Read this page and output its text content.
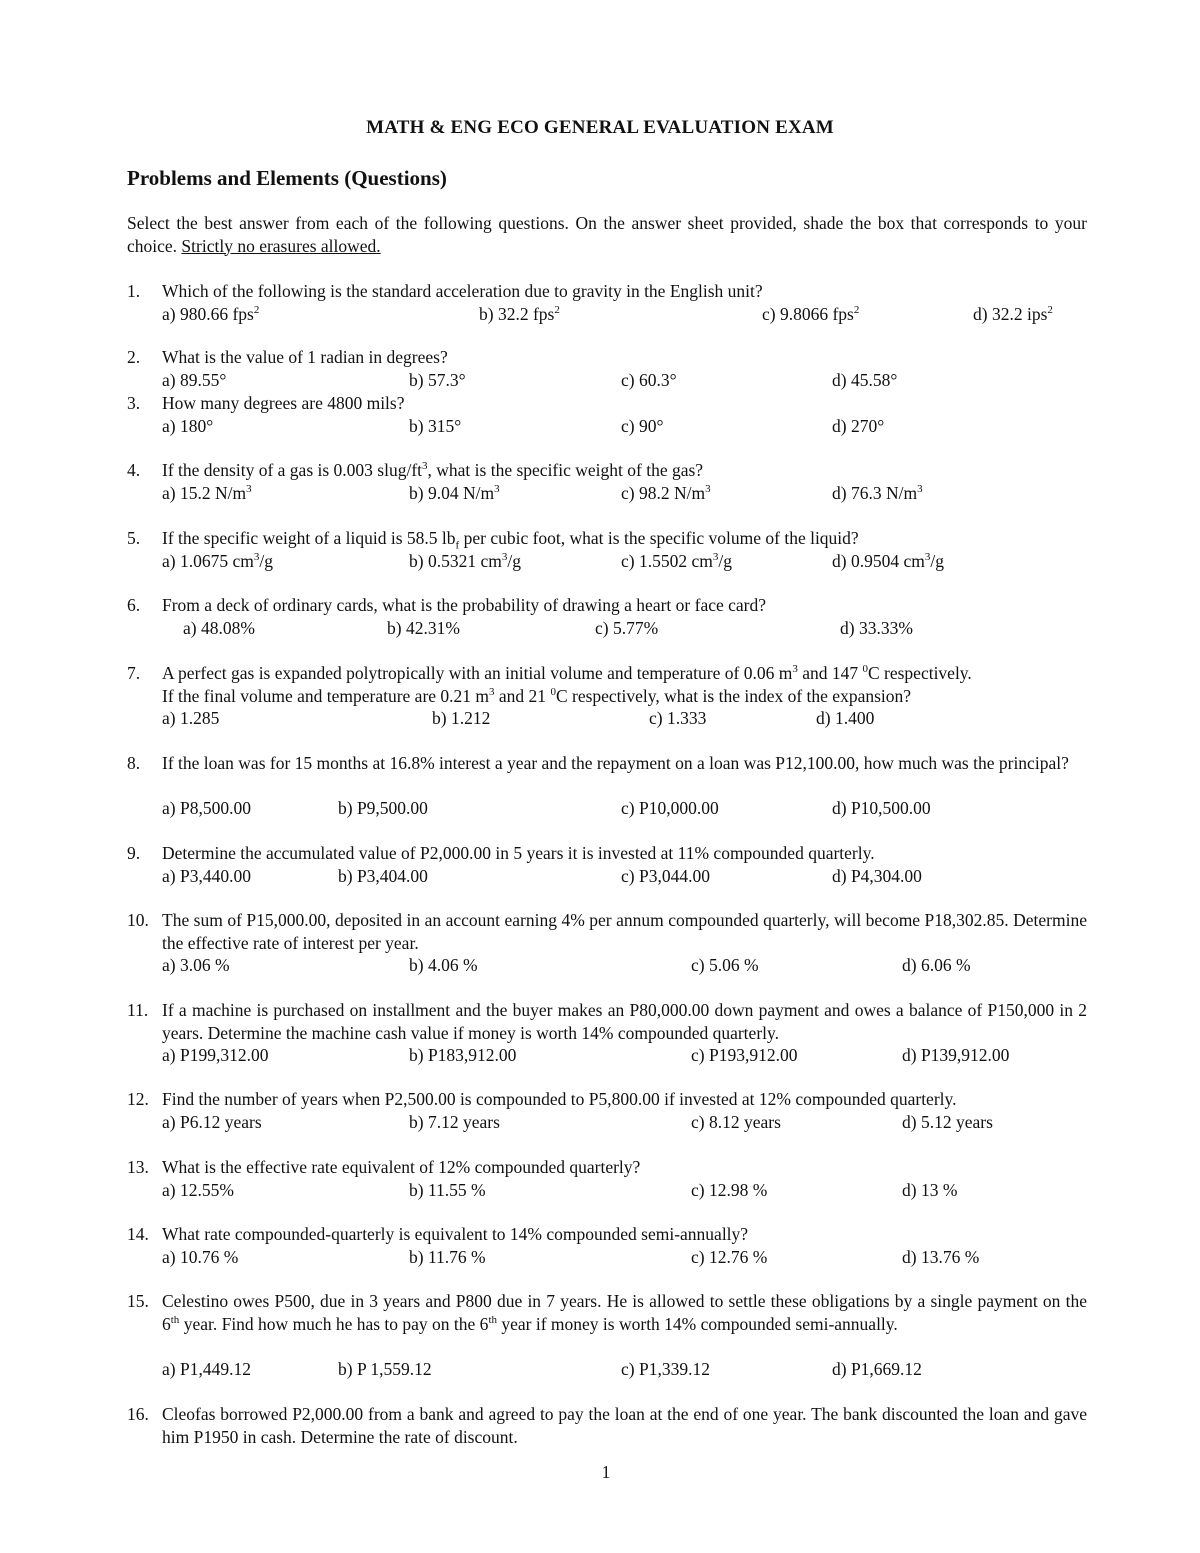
MATH & ENG ECO GENERAL EVALUATION EXAM
Problems and Elements (Questions)
Select the best answer from each of the following questions. On the answer sheet provided, shade the box that corresponds to your choice. Strictly no erasures allowed.
1. Which of the following is the standard acceleration due to gravity in the English unit?
a) 980.66 fps$^2$	b) 32.2 fps$^2$	c) 9.8066 fps$^2$	d) 32.2 ips$^2$
2. What is the value of 1 radian in degrees?
a) 89.55°	b) 57.3°	c) 60.3°	d) 45.58°
3. How many degrees are 4800 mils?
a) 180°	b) 315°	c) 90°	d) 270°
4. If the density of a gas is 0.003 slug/$ft^3$, what is the specific weight of the gas?
a) 15.2 $N/m^3$	b) 9.04 $N/m^3$	c) 98.2 $N/m^3$	d) 76.3 $N/m^3$
5. If the specific weight of a liquid is 58.5 $lb_f$ per cubic foot, what is the specific volume of the liquid?
a) 1.0675 $cm^3/g$	b) 0.5321 $cm^3/g$	c) 1.5502 $cm^3/g$	d) 0.9504 $cm^3/g$
6. From a deck of ordinary cards, what is the probability of drawing a heart or face card?
a) 48.08%	b) 42.31%	c) 5.77%	d) 33.33%
7. A perfect gas is expanded polytropically with an initial volume and temperature of 0.06 $m^3$ and 147 $^0$C respectively.
If the final volume and temperature are 0.21 $m^3$ and 21 $^0$C respectively, what is the index of the expansion?
a) 1.285	b) 1.212	c) 1.333	d) 1.400
8. If the loan was for 15 months at 16.8% interest a year and the repayment on a loan was P12,100.00, how much was the principal?
a) P8,500.00	b) P9,500.00	c) P10,000.00	d) P10,500.00
9. Determine the accumulated value of P2,000.00 in 5 years it is invested at 11% compounded quarterly.
a) P3,440.00	b) P3,404.00	c) P3,044.00	d) P4,304.00
10. The sum of P15,000.00, deposited in an account earning 4% per annum compounded quarterly, will become P18,302.85. Determine the effective rate of interest per year.
a) 3.06 %	b) 4.06 %	c) 5.06 %	d) 6.06 %
11. If a machine is purchased on installment and the buyer makes an P80,000.00 down payment and owes a balance of P150,000 in 2 years. Determine the machine cash value if money is worth 14% compounded quarterly.
a) P199,312.00	b) P183,912.00	c) P193,912.00	d) P139,912.00
12. Find the number of years when P2,500.00 is compounded to P5,800.00 if invested at 12% compounded quarterly.
a) P6.12 years	b) 7.12 years	c) 8.12 years	d) 5.12 years
13. What is the effective rate equivalent of 12% compounded quarterly?
a) 12.55%	b) 11.55 %	c) 12.98 %	d) 13 %
14. What rate compounded-quarterly is equivalent to 14% compounded semi-annually?
a) 10.76 %	b) 11.76 %	c) 12.76 %	d) 13.76 %
15. Celestino owes P500, due in 3 years and P800 due in 7 years. He is allowed to settle these obligations by a single payment on the 6th year. Find how much he has to pay on the 6th year if money is worth 14% compounded semi-annually.
a) P1,449.12	b) P 1,559.12	c) P1,339.12	d) P1,669.12
16. Cleofas borrowed P2,000.00 from a bank and agreed to pay the loan at the end of one year. The bank discounted the loan and gave him P1950 in cash. Determine the rate of discount.
1
